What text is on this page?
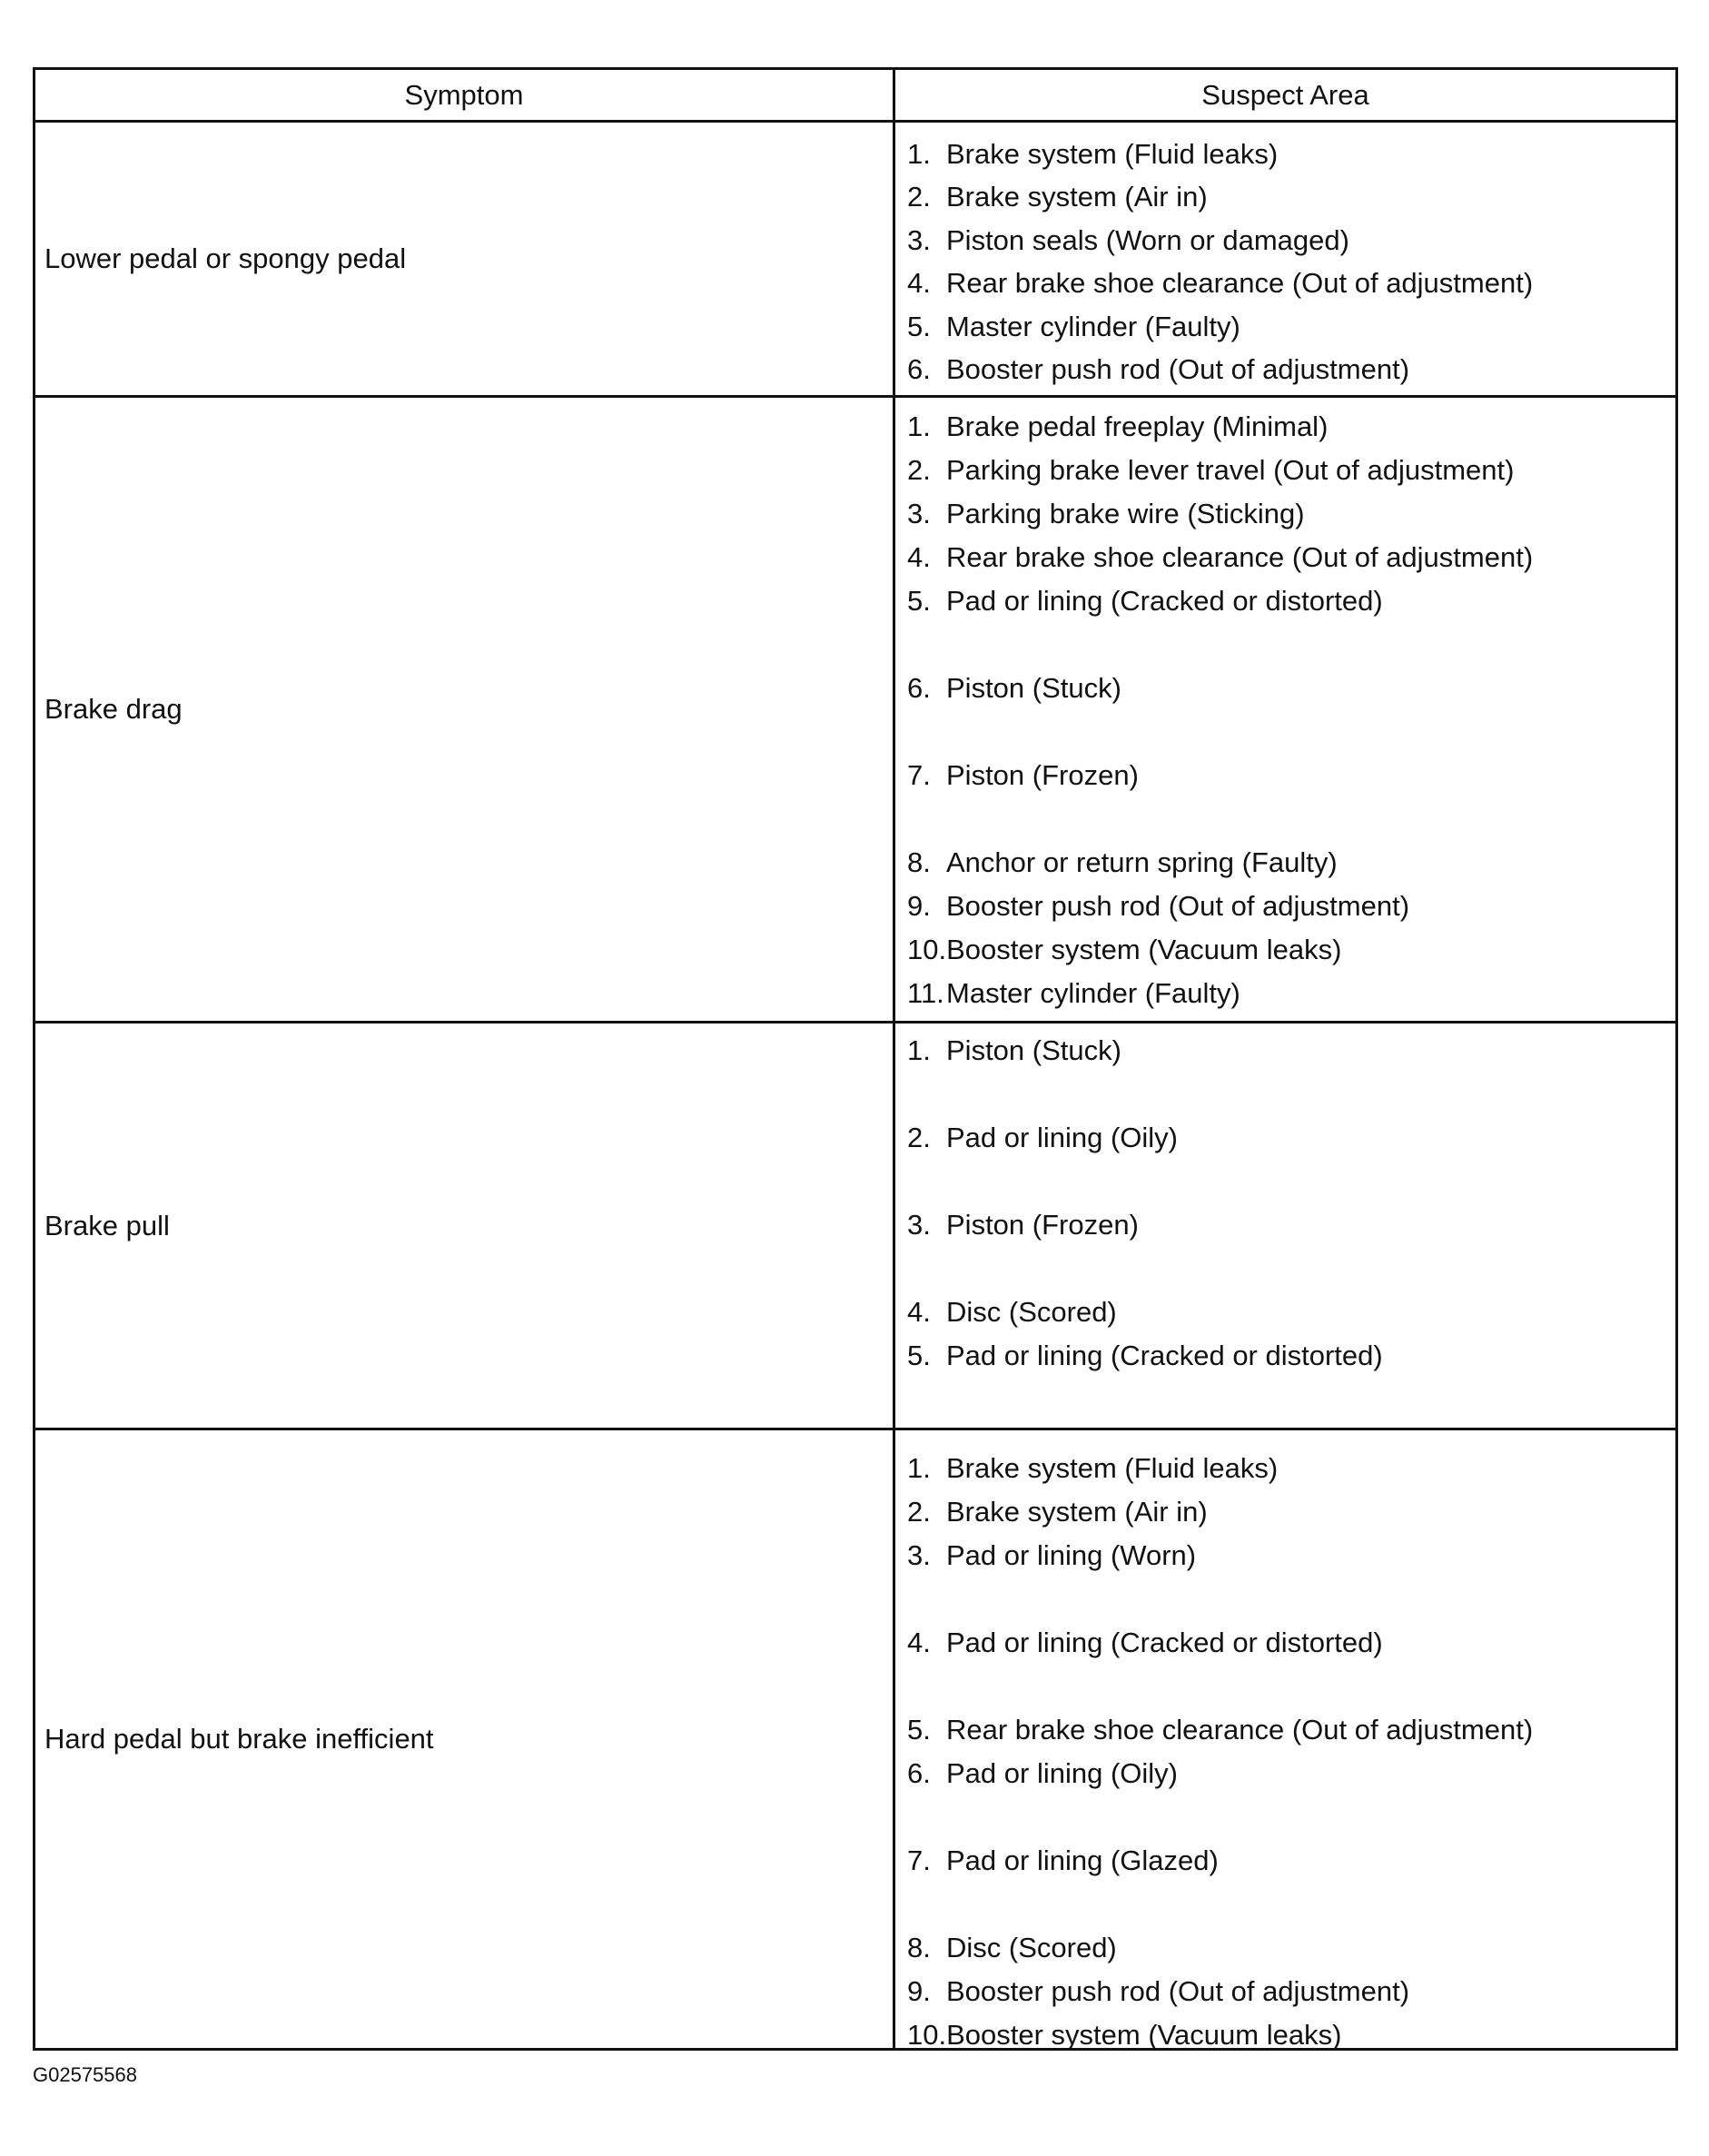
Symptom	Suspect Area
Lower pedal or spongy pedal
1. Brake system (Fluid leaks)
2. Brake system (Air in)
3. Piston seals (Worn or damaged)
4. Rear brake shoe clearance (Out of adjustment)
5. Master cylinder (Faulty)
6. Booster push rod (Out of adjustment)
Brake drag
1. Brake pedal freeplay (Minimal)
2. Parking brake lever travel (Out of adjustment)
3. Parking brake wire (Sticking)
4. Rear brake shoe clearance (Out of adjustment)
5. Pad or lining (Cracked or distorted)
6. Piston (Stuck)
7. Piston (Frozen)
8. Anchor or return spring (Faulty)
9. Booster push rod (Out of adjustment)
10.Booster system (Vacuum leaks)
11.Master cylinder (Faulty)
Brake pull
1. Piston (Stuck)
2. Pad or lining (Oily)
3. Piston (Frozen)
4. Disc (Scored)
5. Pad or lining (Cracked or distorted)
Hard pedal but brake inefficient
1. Brake system (Fluid leaks)
2. Brake system (Air in)
3. Pad or lining (Worn)
4. Pad or lining (Cracked or distorted)
5. Rear brake shoe clearance (Out of adjustment)
6. Pad or lining (Oily)
7. Pad or lining (Glazed)
8. Disc (Scored)
9. Booster push rod (Out of adjustment)
10.Booster system (Vacuum leaks)
G02575568
